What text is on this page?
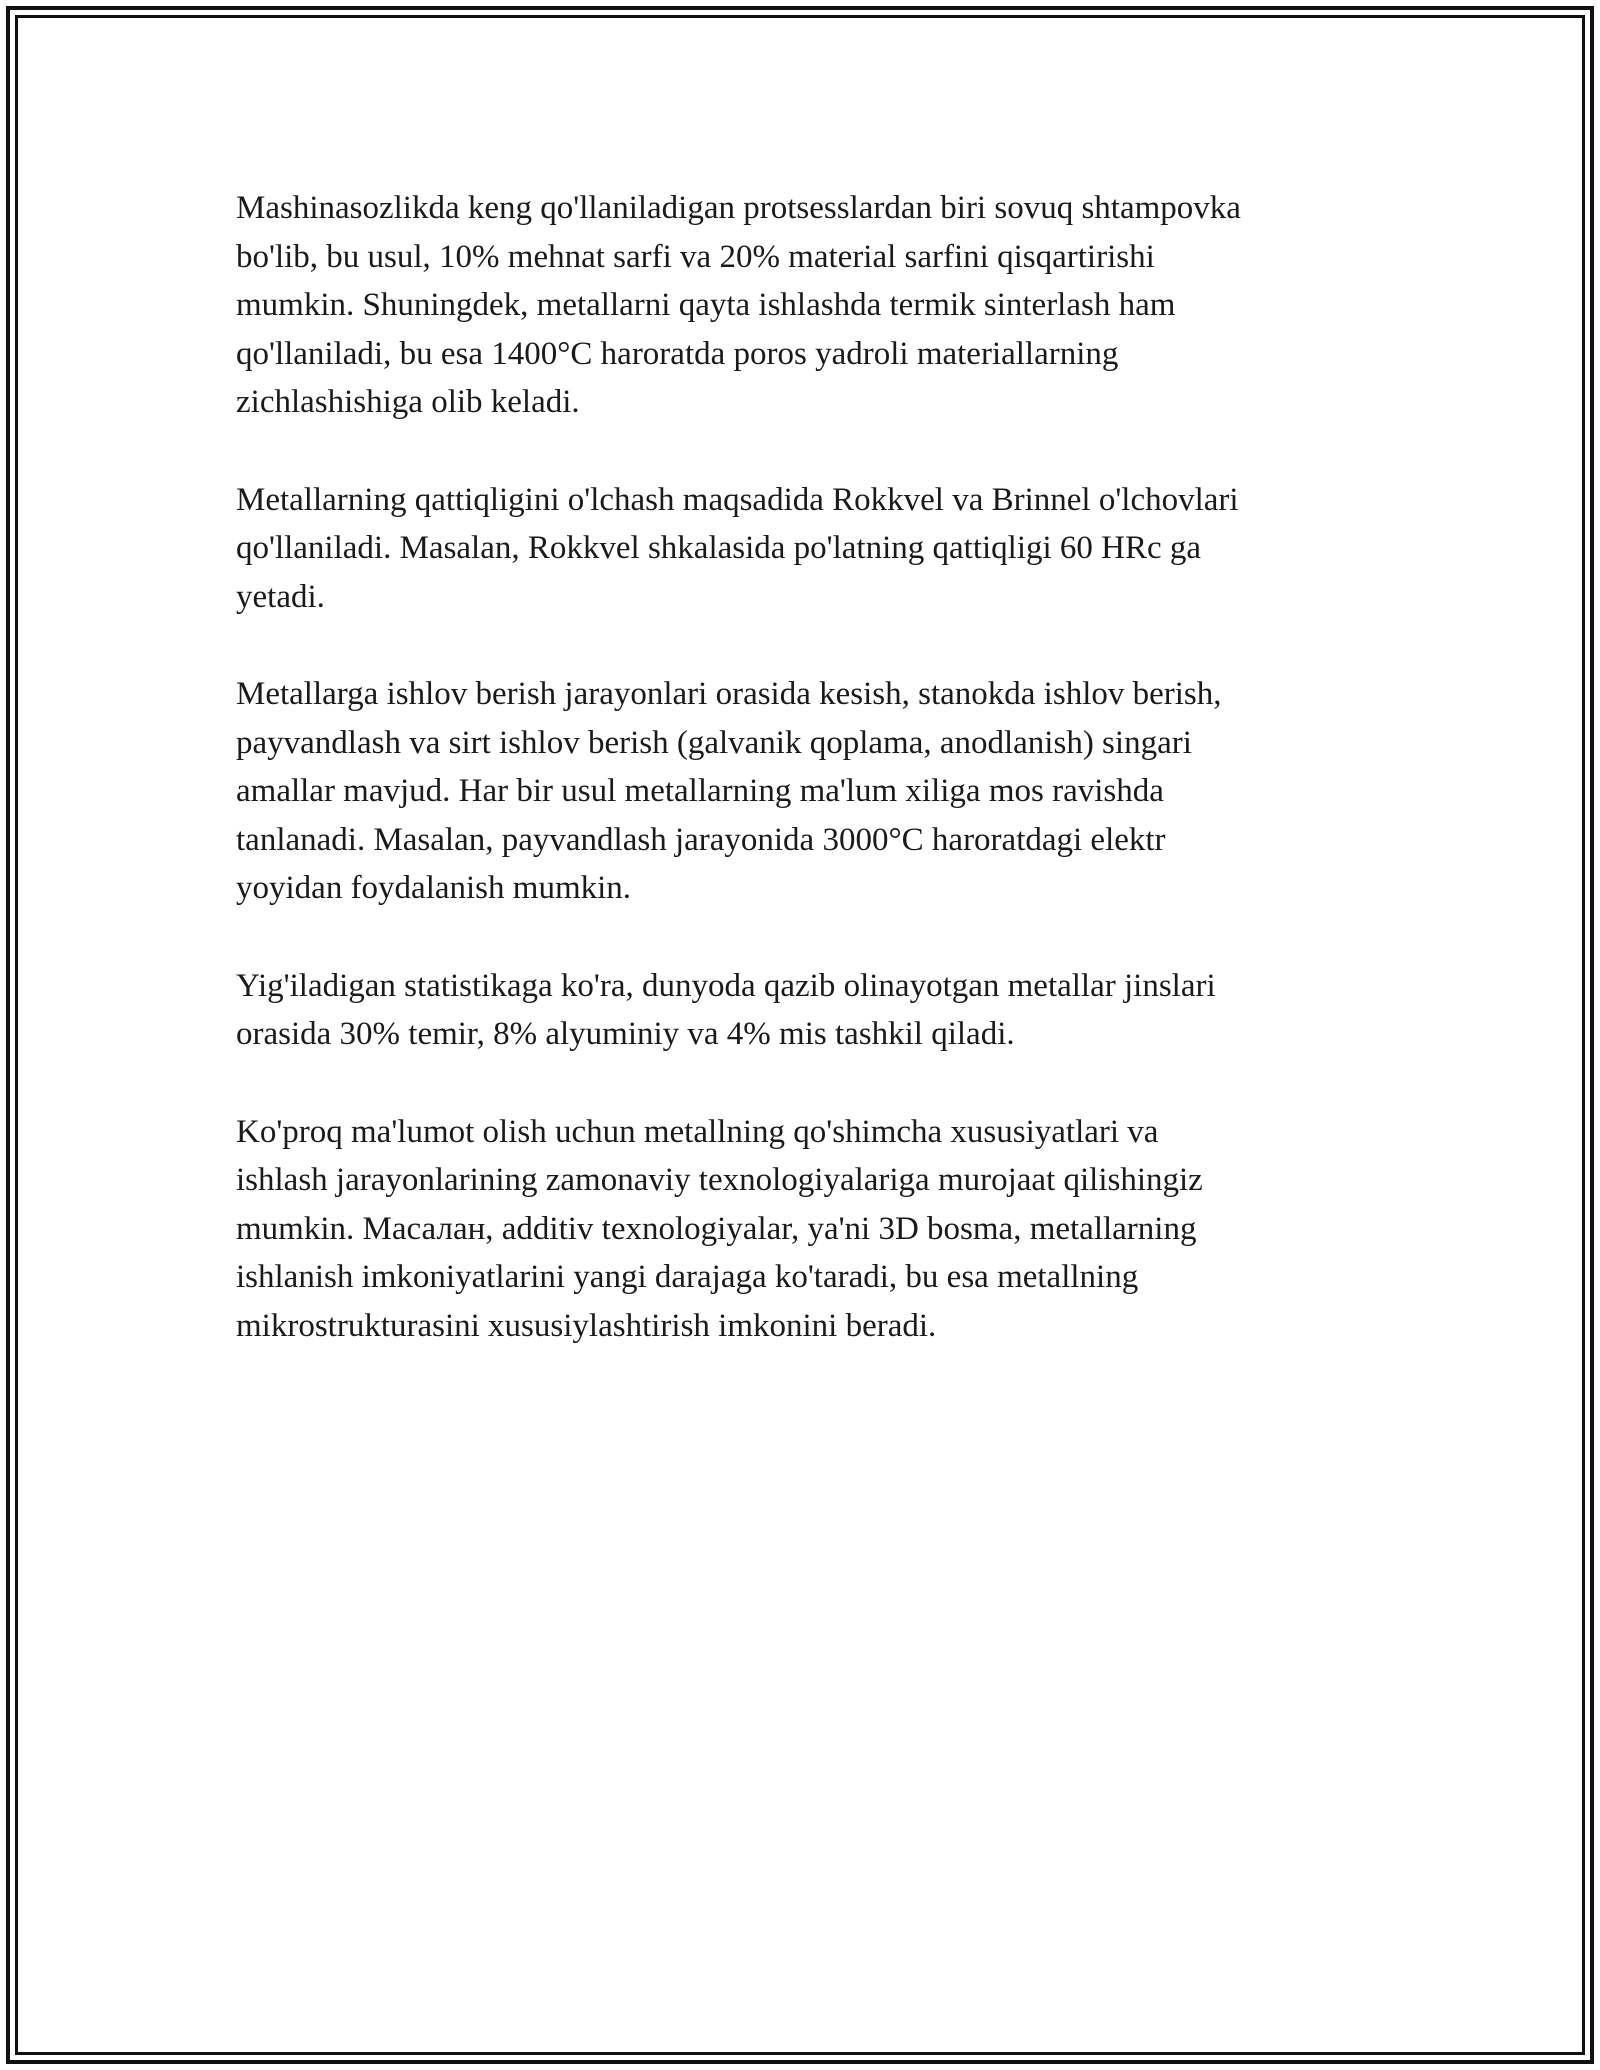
Mashinasozlikda keng qo'llaniladigan protsesslardan biri sovuq shtampovka
bo'lib, bu usul, 10% mehnat sarfi va 20% material sarfini qisqartirishi
mumkin. Shuningdek, metallarni qayta ishlashda termik sinterlash ham
qo'llaniladi, bu esa 1400°C haroratda poros yadroli materiallarning
zichlashishiga olib keladi.

Metallarning qattiqligini o'lchash maqsadida Rokkvel va Brinnel o'lchovlari
qo'llaniladi. Masalan, Rokkvel shkalasida po'latning qattiqligi 60 HRc ga
yetadi.

Metallarga ishlov berish jarayonlari orasida kesish, stanokda ishlov berish,
payvandlash va sirt ishlov berish (galvanik qoplama, anodlanish) singari
amallar mavjud. Har bir usul metallarning ma'lum xiliga mos ravishda
tanlanadi. Masalan, payvandlash jarayonida 3000°C haroratdagi elektr
yoyidan foydalanish mumkin.

Yig'iladigan statistikaga ko'ra, dunyoda qazib olinayotgan metallar jinslari
orasida 30% temir, 8% alyuminiy va 4% mis tashkil qiladi.

Ko'proq ma'lumot olish uchun metallning qo'shimcha xususiyatlari va
ishlash jarayonlarining zamonaviy texnologiyalariga murojaat qilishingiz
mumkin. Масалан, additiv texnologiyalar, ya'ni 3D bosma, metallarning
ishlanish imkoniyatlarini yangi darajaga ko'taradi, bu esa metallning
mikrostrukturasini xususiylashtirish imkonini beradi.
